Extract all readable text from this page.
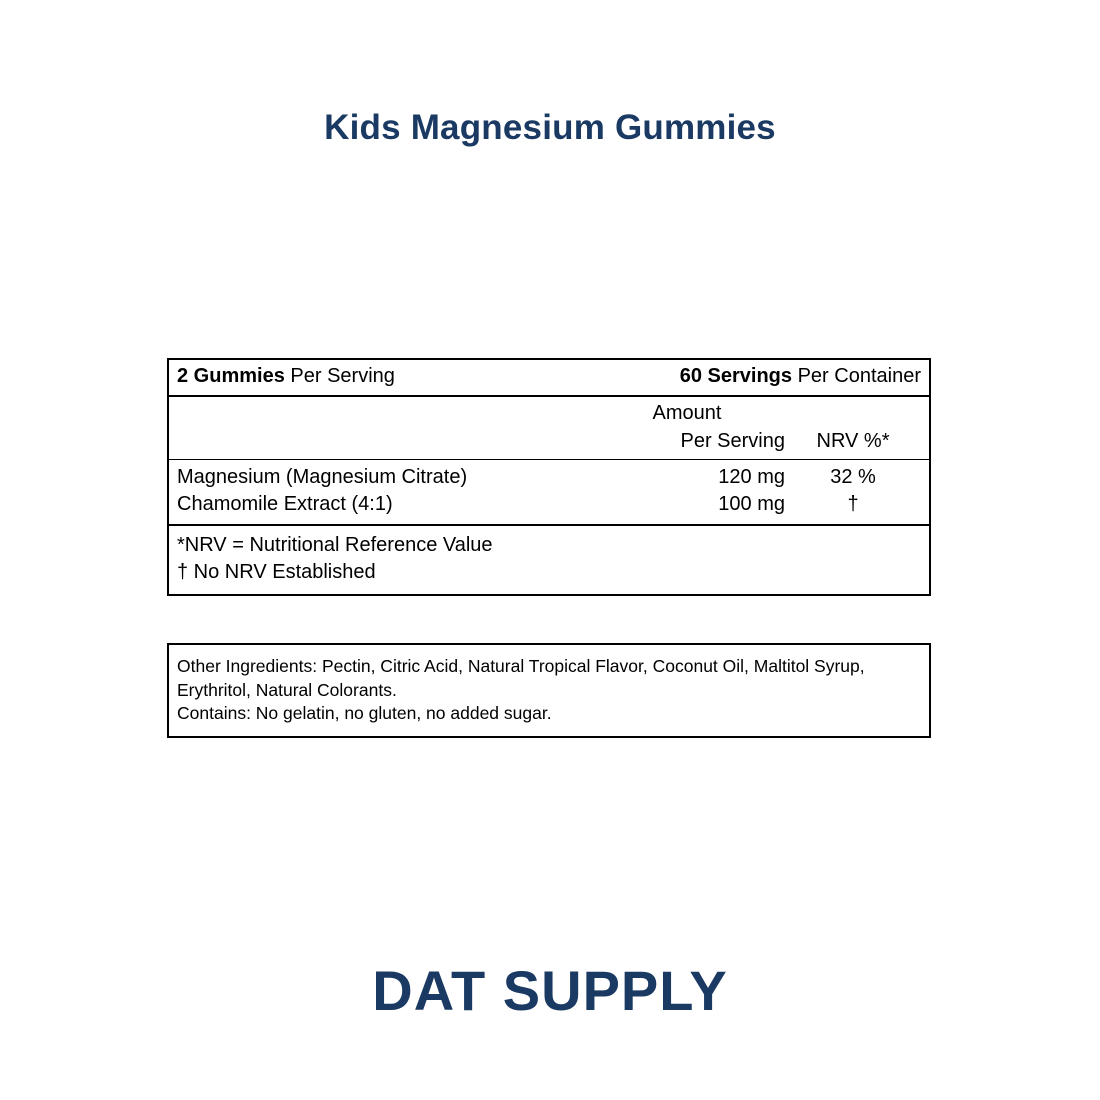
Kids Magnesium Gummies
2 Gummies Per Serving	60 Servings Per Container
Amount
Per Serving	NRV %*
Magnesium (Magnesium Citrate)	120 mg	32 %
Chamomile Extract (4:1)	100 mg	†
*NRV = Nutritional Reference Value
† No NRV Established
Other Ingredients: Pectin, Citric Acid, Natural Tropical Flavor, Coconut Oil, Maltitol Syrup, Erythritol, Natural Colorants.
Contains: No gelatin, no gluten, no added sugar.
DAT SUPPLY
